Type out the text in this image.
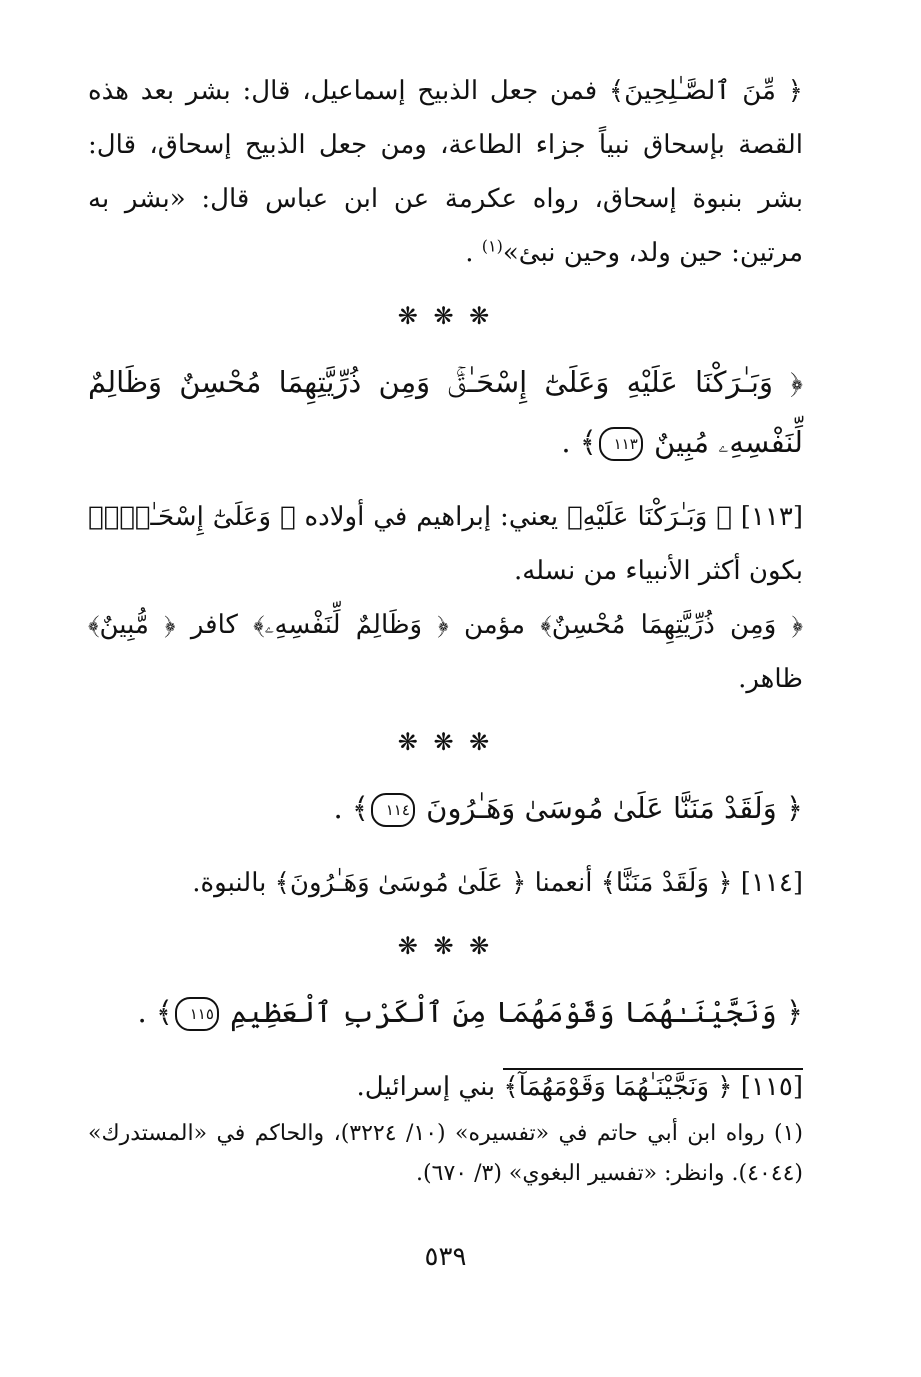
﴿ مِّنَ ٱلصَّـٰلِحِينَ﴾ فمن جعل الذبيح إسماعيل، قال: بشر بعد هذه القصة بإسحاق نبياً جزاء الطاعة، ومن جعل الذبيح إسحاق، قال: بشر بنبوة إسحاق، رواه عكرمة عن ابن عباس قال: «بشر به مرتين: حين ولد، وحين نبئ»$^{(١)}$ .

❋ ❋ ❋

﴿ وَبَـٰرَكْنَا عَلَيْهِ وَعَلَىٰٓ إِسْحَـٰقَۚ وَمِن ذُرِّيَّتِهِمَا مُحْسِنٌ وَظَالِمٌ لِّنَفْسِهِۦ مُبِينٌ ١١٣﴾ .

[١١٣] ﴿ وَبَـٰرَكْنَا عَلَيْهِ﴾ يعني: إبراهيم في أولاده ﴿ وَعَلَىٰٓ إِسْحَـٰقَۚ﴾ بكون أكثر الأنبياء من نسله.

﴿ وَمِن ذُرِّيَّتِهِمَا مُحْسِنٌ﴾ مؤمن ﴿ وَظَالِمٌ لِّنَفْسِهِۦ﴾ كافر ﴿ مُّبِينٌ﴾ ظاهر.

❋ ❋ ❋

﴿ وَلَقَدْ مَنَنَّا عَلَىٰ مُوسَىٰ وَهَـٰرُونَ ١١٤﴾ .

[١١٤] ﴿ وَلَقَدْ مَنَنَّا﴾ أنعمنا ﴿ عَلَىٰ مُوسَىٰ وَهَـٰرُونَ﴾ بالنبوة.

❋ ❋ ❋

﴿ وَنَجَّيْنَـٰهُمَا وَقَوْمَهُمَا مِنَ ٱلْكَرْبِ ٱلْعَظِيمِ ١١٥﴾ .

[١١٥] ﴿ وَنَجَّيْنَـٰهُمَا وَقَوْمَهُمَآ﴾ بني إسرائيل.

(١) رواه ابن أبي حاتم في «تفسيره» (١٠/ ٣٢٢٤)، والحاكم في «المستدرك» (٤٠٤٤). وانظر: «تفسير البغوي» (٣/ ٦٧٠).

٥٣٩
